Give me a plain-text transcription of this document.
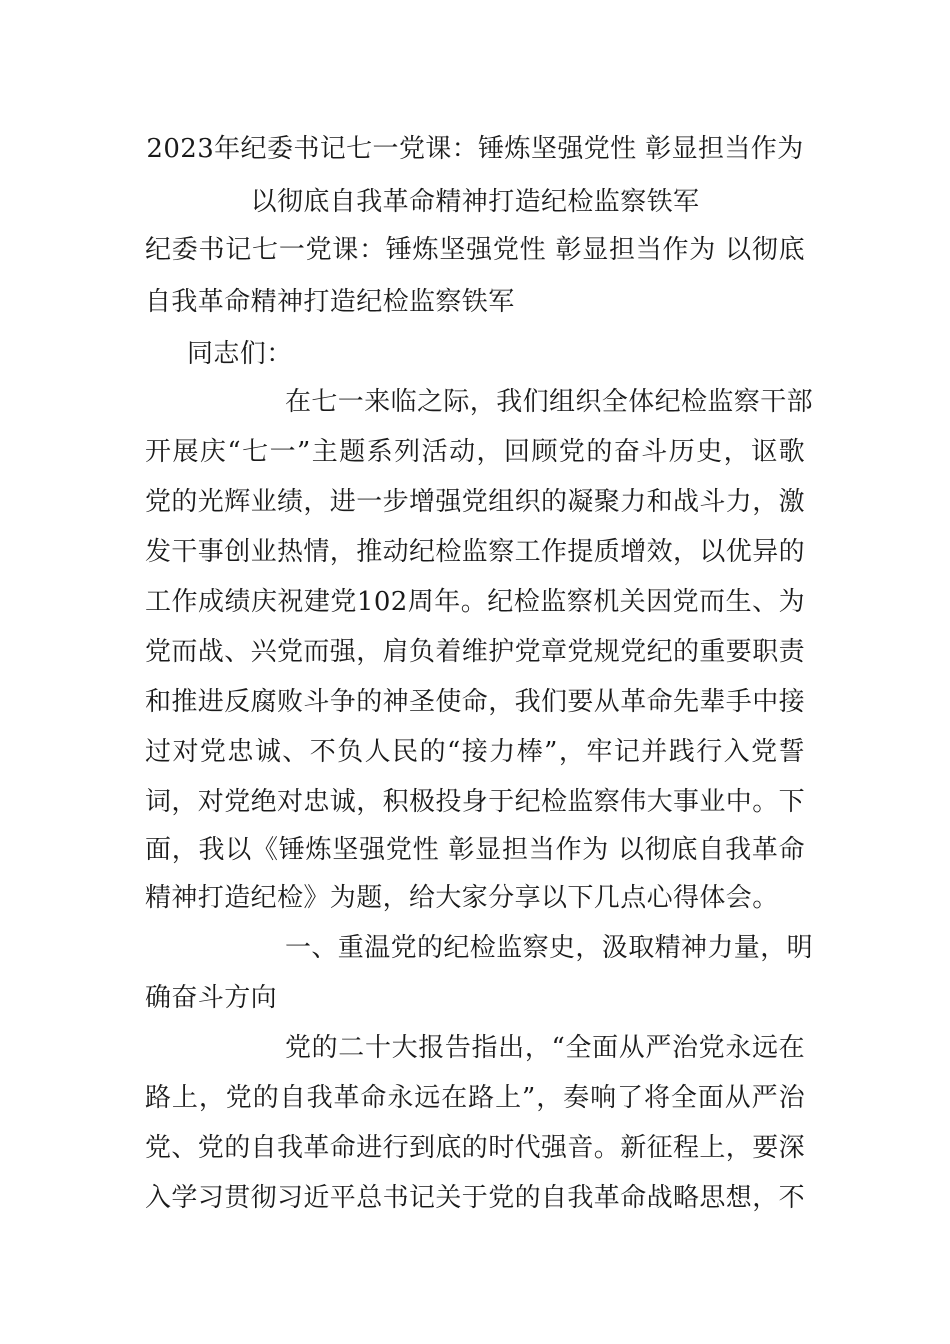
2023年纪委书记七一党课：锤炼坚强党性 彰显担当作为
以彻底自我革命精神打造纪检监察铁军
纪委书记七一党课：锤炼坚强党性 彰显担当作为 以彻底
自我革命精神打造纪检监察铁军
同志们：
在七一来临之际，我们组织全体纪检监察干部
开展庆“七一”主题系列活动，回顾党的奋斗历史，讴歌
党的光辉业绩，进一步增强党组织的凝聚力和战斗力，激
发干事创业热情，推动纪检监察工作提质增效，以优异的
工作成绩庆祝建党102周年。纪检监察机关因党而生、为
党而战、兴党而强，肩负着维护党章党规党纪的重要职责
和推进反腐败斗争的神圣使命，我们要从革命先辈手中接
过对党忠诚、不负人民的“接力棒”，牢记并践行入党誓
词，对党绝对忠诚，积极投身于纪检监察伟大事业中。下
面，我以《锤炼坚强党性 彰显担当作为 以彻底自我革命
精神打造纪检》为题，给大家分享以下几点心得体会。
一、重温党的纪检监察史，汲取精神力量，明
确奋斗方向
党的二十大报告指出，“全面从严治党永远在
路上，党的自我革命永远在路上”，奏响了将全面从严治
党、党的自我革命进行到底的时代强音。新征程上，要深
入学习贯彻习近平总书记关于党的自我革命战略思想，不
